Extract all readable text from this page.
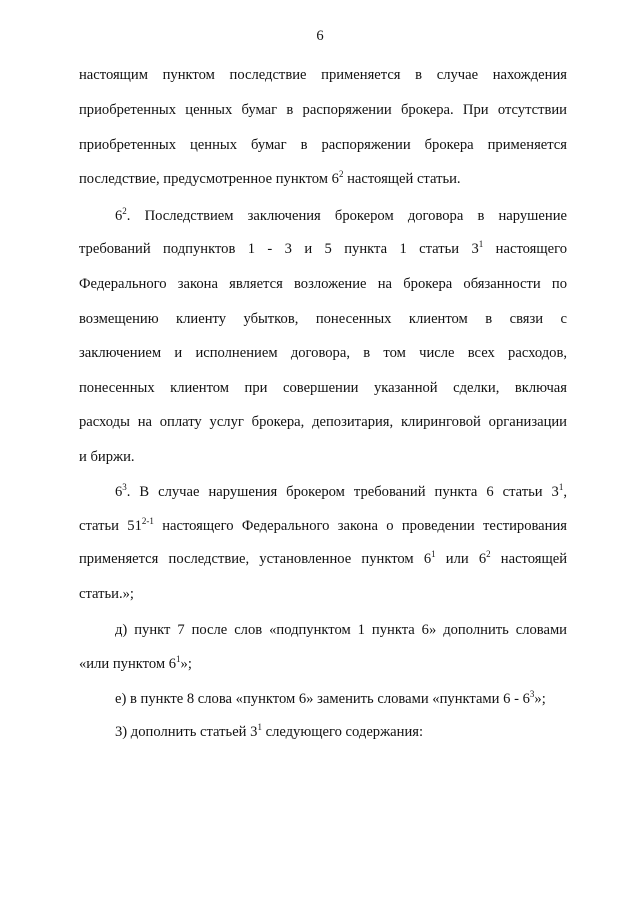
6
настоящим пунктом последствие применяется в случае нахождения
приобретенных ценных бумаг в распоряжении брокера. При отсутствии
приобретенных ценных бумаг в распоряжении брокера применяется
последствие, предусмотренное пунктом $6^2$ настоящей статьи.
$6^2$. Последствием заключения брокером договора в нарушение
требований подпунктов 1 - 3 и 5 пункта 1 статьи $3^1$ настоящего
Федерального закона является возложение на брокера обязанности по
возмещению клиенту убытков, понесенных клиентом в связи с
заключением и исполнением договора, в том числе всех расходов,
понесенных клиентом при совершении указанной сделки, включая
расходы на оплату услуг брокера, депозитария, клиринговой организации
и биржи.
$6^3$. В случае нарушения брокером требований пункта 6 статьи $3^1$,
статьи 51$^{2-1}$ настоящего Федерального закона о проведении тестирования
применяется последствие, установленное пунктом $6^1$ или $6^2$ настоящей
статьи.»;
д) пункт 7 после слов «подпунктом 1 пункта 6» дополнить словами
«или пунктом $6^1$»;
е) в пункте 8 слова «пунктом 6» заменить словами «пунктами $6 - 6^3$»;
3) дополнить статьей $3^1$ следующего содержания:
